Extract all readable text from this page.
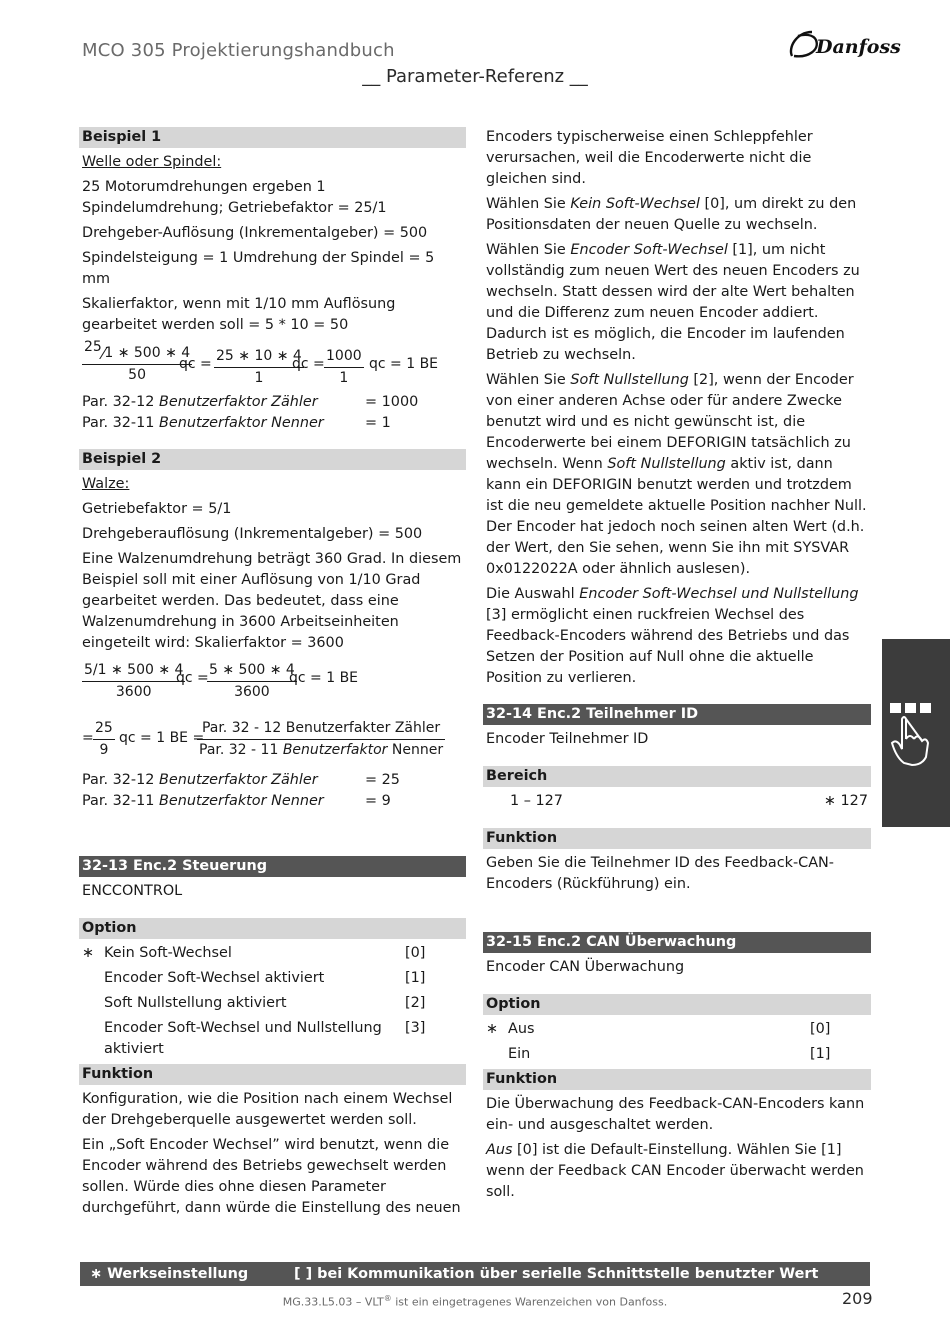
MCO 305 Projektierungshandbuch
__ Parameter-Referenz __
Danfoss
Beispiel 1

Welle oder Spindel:

25 Motorumdrehungen ergeben 1 Spindelumdrehung; Getriebefaktor = 25/1

Drehgeber-Auflösung (Inkrementalgeber) = 500

Spindelsteigung = 1 Umdrehung der Spindel = 5 mm

Skalierfaktor, wenn mit 1/10 mm Auflösung gearbeitet werden soll = 5 * 10 = 50

$\frac{25⁄1 ∗ 500 ∗ 4}{50}$
qc = $\frac{25 ∗ 10 ∗ 4}{1}$
qc = $\frac{1000}{1}$ qc = 1 BE
Par. 32-12 Benutzerfaktor Zähler	= 1000
Par. 32-11 Benutzerfaktor Nenner	= 1
Beispiel 2

Walze:

Getriebefaktor = 5/1

Drehgeberauflösung (Inkrementalgeber) = 500

Eine Walzenumdrehung beträgt 360 Grad. In diesem Beispiel soll mit einer Auflösung von 1/10 Grad gearbeitet werden. Das bedeutet, dass eine Walzenumdrehung in 3600 Arbeitseinheiten eingeteilt wird: Skalierfaktor = 3600

$\frac{5/1 ∗ 500 ∗ 4}{3600}$
qc =
$\frac{5 ∗ 500 ∗ 4}{3600}$
qc = 1 BE
= $\frac{25}{9}$ qc = 1 BE =
Par. 32 - 12 Benutzerfakter Zähler
Par. 32 - 11 Benutzerfaktor Nenner
Par. 32-12 Benutzerfaktor Zähler	= 25
Par. 32-11 Benutzerfaktor Nenner	= 9
32-13 Enc.2 Steuerung

ENCCONTROL

Option
∗ Kein Soft-Wechsel	[0]
Encoder Soft-Wechsel aktiviert	[1]
Soft Nullstellung aktiviert	[2]
Encoder Soft-Wechsel und Nullstellung aktiviert
[3]
Funktion

Konfiguration, wie die Position nach einem Wechsel der Drehgeberquelle ausgewertet werden soll.

Ein „Soft Encoder Wechsel” wird benutzt, wenn die Encoder während des Betriebs gewechselt werden sollen. Würde dies ohne diesen Parameter durchgeführt, dann würde die Einstellung des neuen

Encoders typischerweise einen Schleppfehler verursachen, weil die Encoderwerte nicht die gleichen sind.

Wählen Sie Kein Soft-Wechsel [0], um direkt zu den Positionsdaten der neuen Quelle zu wechseln.

Wählen Sie Encoder Soft-Wechsel [1], um nicht vollständig zum neuen Wert des neuen Encoders zu wechseln. Statt dessen wird der alte Wert behalten und die Differenz zum neuen Encoder addiert. Dadurch ist es möglich, die Encoder im laufenden Betrieb zu wechseln.

Wählen Sie Soft Nullstellung [2], wenn der Encoder von einer anderen Achse oder für andere Zwecke benutzt wird und es nicht gewünscht ist, die Encoderwerte bei einem DEFORIGIN tatsächlich zu wechseln. Wenn Soft Nullstellung aktiv ist, dann kann ein DEFORIGIN benutzt werden und trotzdem ist die neu gemeldete aktuelle Position nachher Null. Der Encoder hat jedoch noch seinen alten Wert (d.h. der Wert, den Sie sehen, wenn Sie ihn mit SYSVAR 0x0122022A oder ähnlich auslesen).

Die Auswahl Encoder Soft-Wechsel und Nullstellung [3] ermöglicht einen ruckfreien Wechsel des Feedback-Encoders während des Betriebs und das Setzen der Position auf Null ohne die aktuelle Position zu verlieren.

32-14 Enc.2 Teilnehmer ID

Encoder Teilnehmer ID

Bereich
1 – 127	∗ 127
Funktion

Geben Sie die Teilnehmer ID des Feedback-CAN-Encoders (Rückführung) ein.

32-15 Enc.2 CAN Überwachung

Encoder CAN Überwachung

Option
∗ Aus	[0]
Ein	[1]
Funktion

Die Überwachung des Feedback-CAN-Encoders kann ein- und ausgeschaltet werden.

Aus [0] ist die Default-Einstellung. Wählen Sie [1] wenn der Feedback CAN Encoder überwacht werden soll.

∗ Werkseinstellung	[ ] bei Kommunikation über serielle Schnittstelle benutzter Wert
MG.33.L5.03 – VLT® ist ein eingetragenes Warenzeichen von Danfoss.	209
